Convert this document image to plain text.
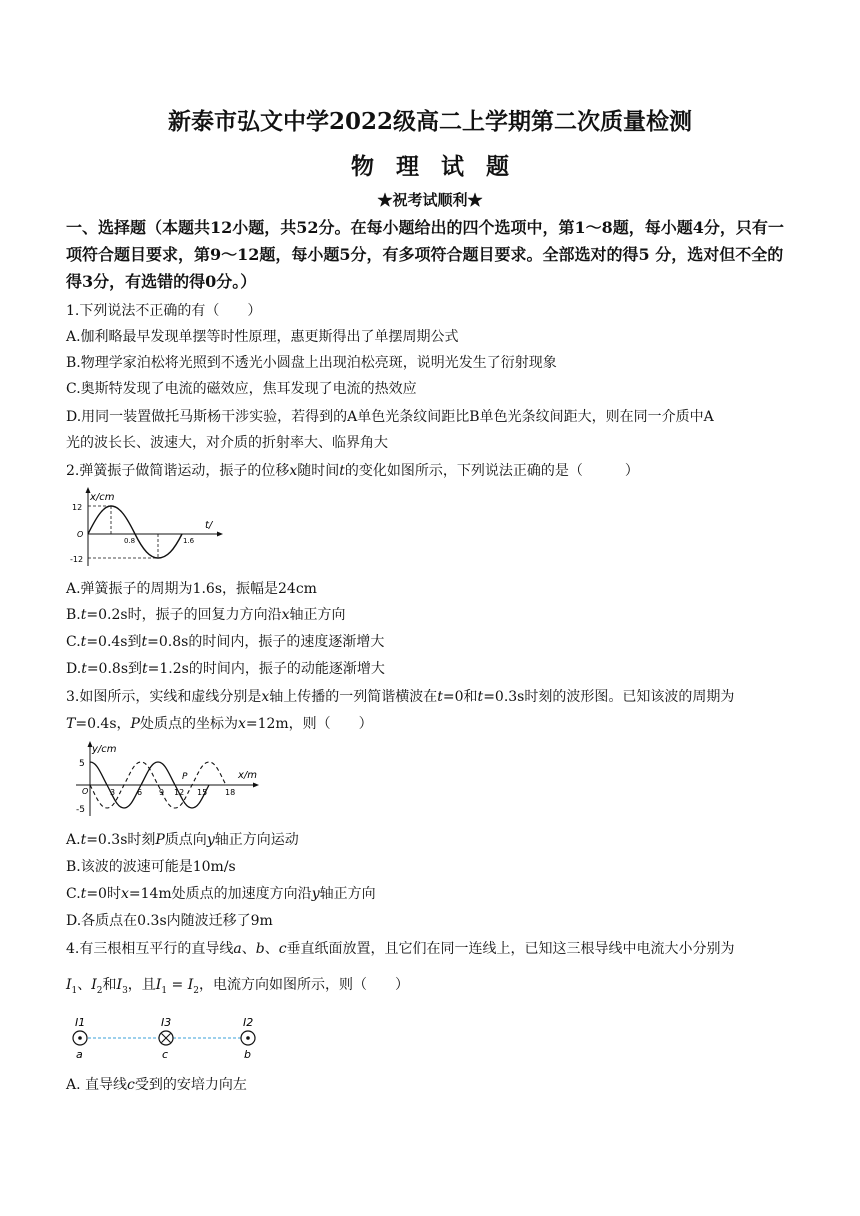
新泰市弘文中学2022级高二上学期第二次质量检测
物理试题
★祝考试顺利★
一、选择题（本题共12小题，共52分。在每小题给出的四个选项中，第1～8题，每小题4分，只有一项符合题目要求，第9～12题，每小题5分，有多项符合题目要求。全部选对的得5 分，选对但不全的得3分，有选错的得0分。）
1.下列说法不正确的有（　　）
A.伽利略最早发现单摆等时性原理，惠更斯得出了单摆周期公式
B.物理学家泊松将光照到不透光小圆盘上出现泊松亮斑，说明光发生了衍射现象
C.奥斯特发现了电流的磁效应，焦耳发现了电流的热效应
D.用同一装置做托马斯杨干涉实验，若得到的A单色光条纹间距比B单色光条纹间距大，则在同一介质中A
光的波长长、波速大，对介质的折射率大、临界角大
2.弹簧振子做简谐运动，振子的位移x随时间t的变化如图所示，下列说法正确的是（　　　）
x/cm
12
-12
O
0.8	1.6
t/
A.弹簧振子的周期为1.6s，振幅是24cm
B.t=0.2s时，振子的回复力方向沿x轴正方向
C.t=0.4s到t=0.8s的时间内，振子的速度逐渐增大
D.t=0.8s到t=1.2s的时间内，振子的动能逐渐增大
3.如图所示，实线和虚线分别是x轴上传播的一列简谐横波在t=0和t=0.3s时刻的波形图。已知该波的周期为
T=0.4s，P处质点的坐标为x=12m，则（　　）
y/cm
5
-5
O	3	6 9 12 15 18
P	x/m
A.t=0.3s时刻P质点向y轴正方向运动
B.该波的波速可能是10m/s
C.t=0时x=14m处质点的加速度方向沿y轴正方向
D.各质点在0.3s内随波迁移了9m
4.有三根相互平行的直导线a、b、c垂直纸面放置，且它们在同一连线上，已知这三根导线中电流大小分别为
$I_1$、$I_2$和$I_3$，且$I_1 = I_2$，电流方向如图所示，则（　　）
I1
a
I3
c
I2
b
A. 直导线c受到的安培力向左
